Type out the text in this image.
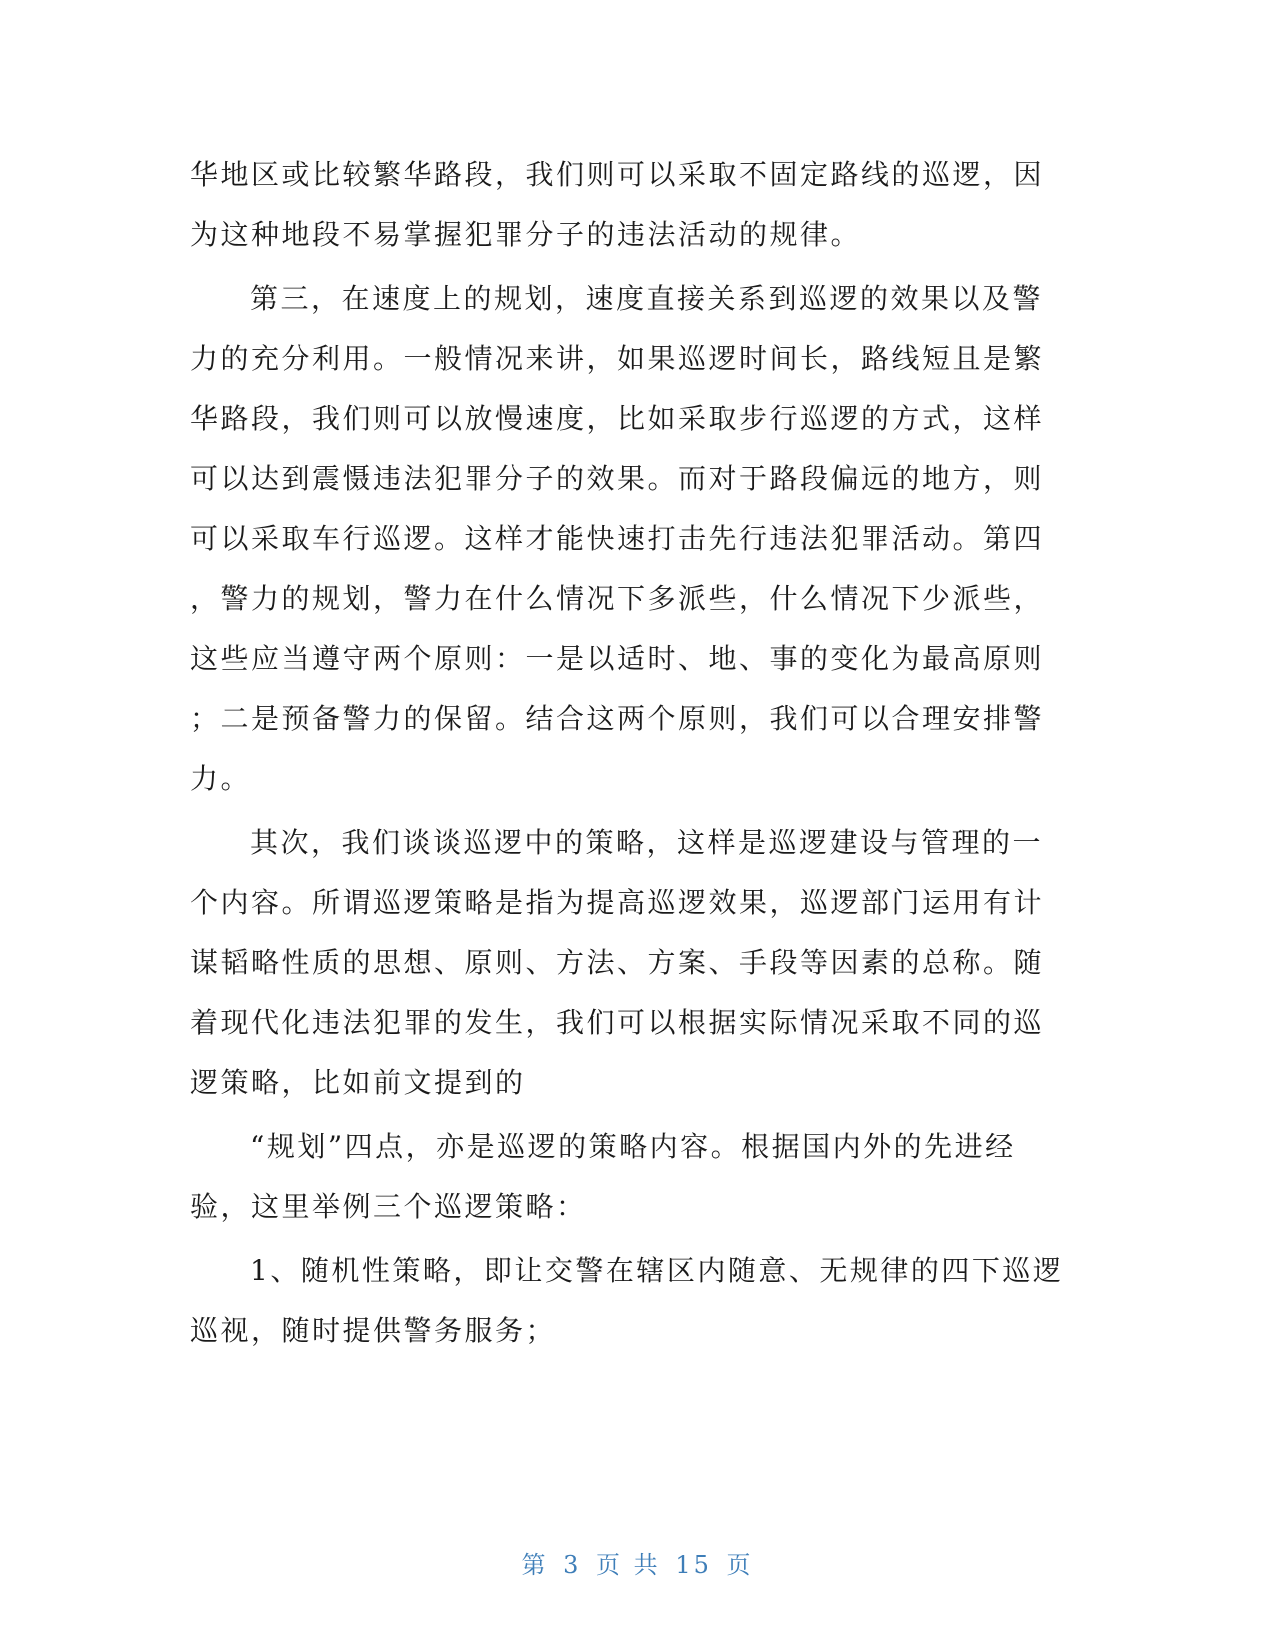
华地区或比较繁华路段，我们则可以采取不固定路线的巡逻，因
为这种地段不易掌握犯罪分子的违法活动的规律。
第三，在速度上的规划，速度直接关系到巡逻的效果以及警
力的充分利用。一般情况来讲，如果巡逻时间长，路线短且是繁
华路段，我们则可以放慢速度，比如采取步行巡逻的方式，这样
可以达到震慑违法犯罪分子的效果。而对于路段偏远的地方，则
可以采取车行巡逻。这样才能快速打击先行违法犯罪活动。第四
，警力的规划，警力在什么情况下多派些，什么情况下少派些，
这些应当遵守两个原则：一是以适时、地、事的变化为最高原则
；二是预备警力的保留。结合这两个原则，我们可以合理安排警
力。
其次，我们谈谈巡逻中的策略，这样是巡逻建设与管理的一
个内容。所谓巡逻策略是指为提高巡逻效果，巡逻部门运用有计
谋韬略性质的思想、原则、方法、方案、手段等因素的总称。随
着现代化违法犯罪的发生，我们可以根据实际情况采取不同的巡
逻策略，比如前文提到的
“规划”四点，亦是巡逻的策略内容。根据国内外的先进经
验，这里举例三个巡逻策略：
1、随机性策略，即让交警在辖区内随意、无规律的四下巡逻
巡视，随时提供警务服务；
第 3 页 共 15 页
